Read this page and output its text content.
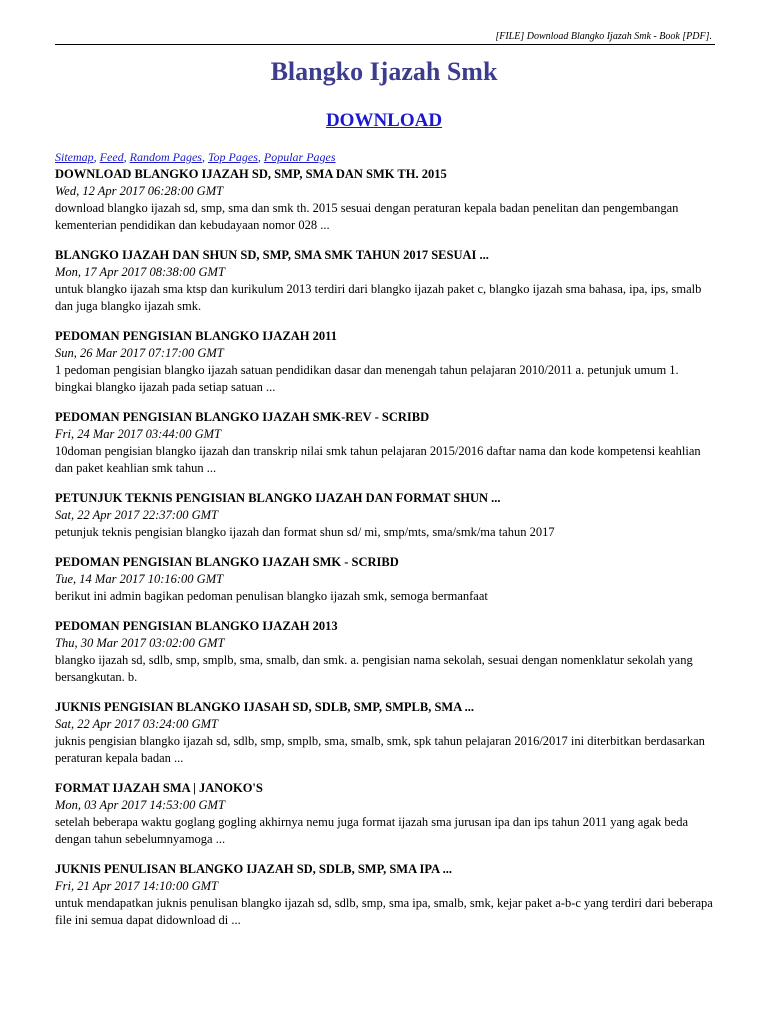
[FILE] Download Blangko Ijazah Smk - Book [PDF].
Blangko Ijazah Smk
DOWNLOAD
Sitemap, Feed, Random Pages, Top Pages, Popular Pages
DOWNLOAD BLANGKO IJAZAH SD, SMP, SMA DAN SMK TH. 2015
Wed, 12 Apr 2017 06:28:00 GMT
download blangko ijazah sd, smp, sma dan smk th. 2015 sesuai dengan peraturan kepala badan penelitan dan pengembangan kementerian pendidikan dan kebudayaan nomor 028 ...
BLANGKO IJAZAH DAN SHUN SD, SMP, SMA SMK TAHUN 2017 SESUAI ...
Mon, 17 Apr 2017 08:38:00 GMT
untuk blangko ijazah sma ktsp dan kurikulum 2013 terdiri dari blangko ijazah paket c, blangko ijazah sma bahasa, ipa, ips, smalb dan juga blangko ijazah smk.
PEDOMAN PENGISIAN BLANGKO IJAZAH 2011
Sun, 26 Mar 2017 07:17:00 GMT
1 pedoman pengisian blangko ijazah satuan pendidikan dasar dan menengah tahun pelajaran 2010/2011 a. petunjuk umum 1. bingkai blangko ijazah pada setiap satuan ...
PEDOMAN PENGISIAN BLANGKO IJAZAH SMK-REV - SCRIBD
Fri, 24 Mar 2017 03:44:00 GMT
10doman pengisian blangko ijazah dan transkrip nilai smk tahun pelajaran 2015/2016 daftar nama dan kode kompetensi keahlian dan paket keahlian smk tahun ...
PETUNJUK TEKNIS PENGISIAN BLANGKO IJAZAH DAN FORMAT SHUN ...
Sat, 22 Apr 2017 22:37:00 GMT
petunjuk teknis pengisian blangko ijazah dan format shun sd/ mi, smp/mts, sma/smk/ma tahun 2017
PEDOMAN PENGISIAN BLANGKO IJAZAH SMK - SCRIBD
Tue, 14 Mar 2017 10:16:00 GMT
berikut ini admin bagikan pedoman penulisan blangko ijazah smk, semoga bermanfaat
PEDOMAN PENGISIAN BLANGKO IJAZAH 2013
Thu, 30 Mar 2017 03:02:00 GMT
blangko ijazah sd, sdlb, smp, smplb, sma, smalb, dan smk. a. pengisian nama sekolah, sesuai dengan nomenklatur sekolah yang bersangkutan. b.
JUKNIS PENGISIAN BLANGKO IJASAH SD, SDLB, SMP, SMPLB, SMA ...
Sat, 22 Apr 2017 03:24:00 GMT
juknis pengisian blangko ijazah sd, sdlb, smp, smplb, sma, smalb, smk, spk tahun pelajaran 2016/2017 ini diterbitkan berdasarkan peraturan kepala badan ...
FORMAT IJAZAH SMA | JANOKO'S
Mon, 03 Apr 2017 14:53:00 GMT
setelah beberapa waktu goglang gogling akhirnya nemu juga format ijazah sma jurusan ipa dan ips tahun 2011 yang agak beda dengan tahun sebelumnyamoga ...
JUKNIS PENULISAN BLANGKO IJAZAH SD, SDLB, SMP, SMA IPA ...
Fri, 21 Apr 2017 14:10:00 GMT
untuk mendapatkan juknis penulisan blangko ijazah sd, sdlb, smp, sma ipa, smalb, smk, kejar paket a-b-c yang terdiri dari beberapa file ini semua dapat didownload di ...
